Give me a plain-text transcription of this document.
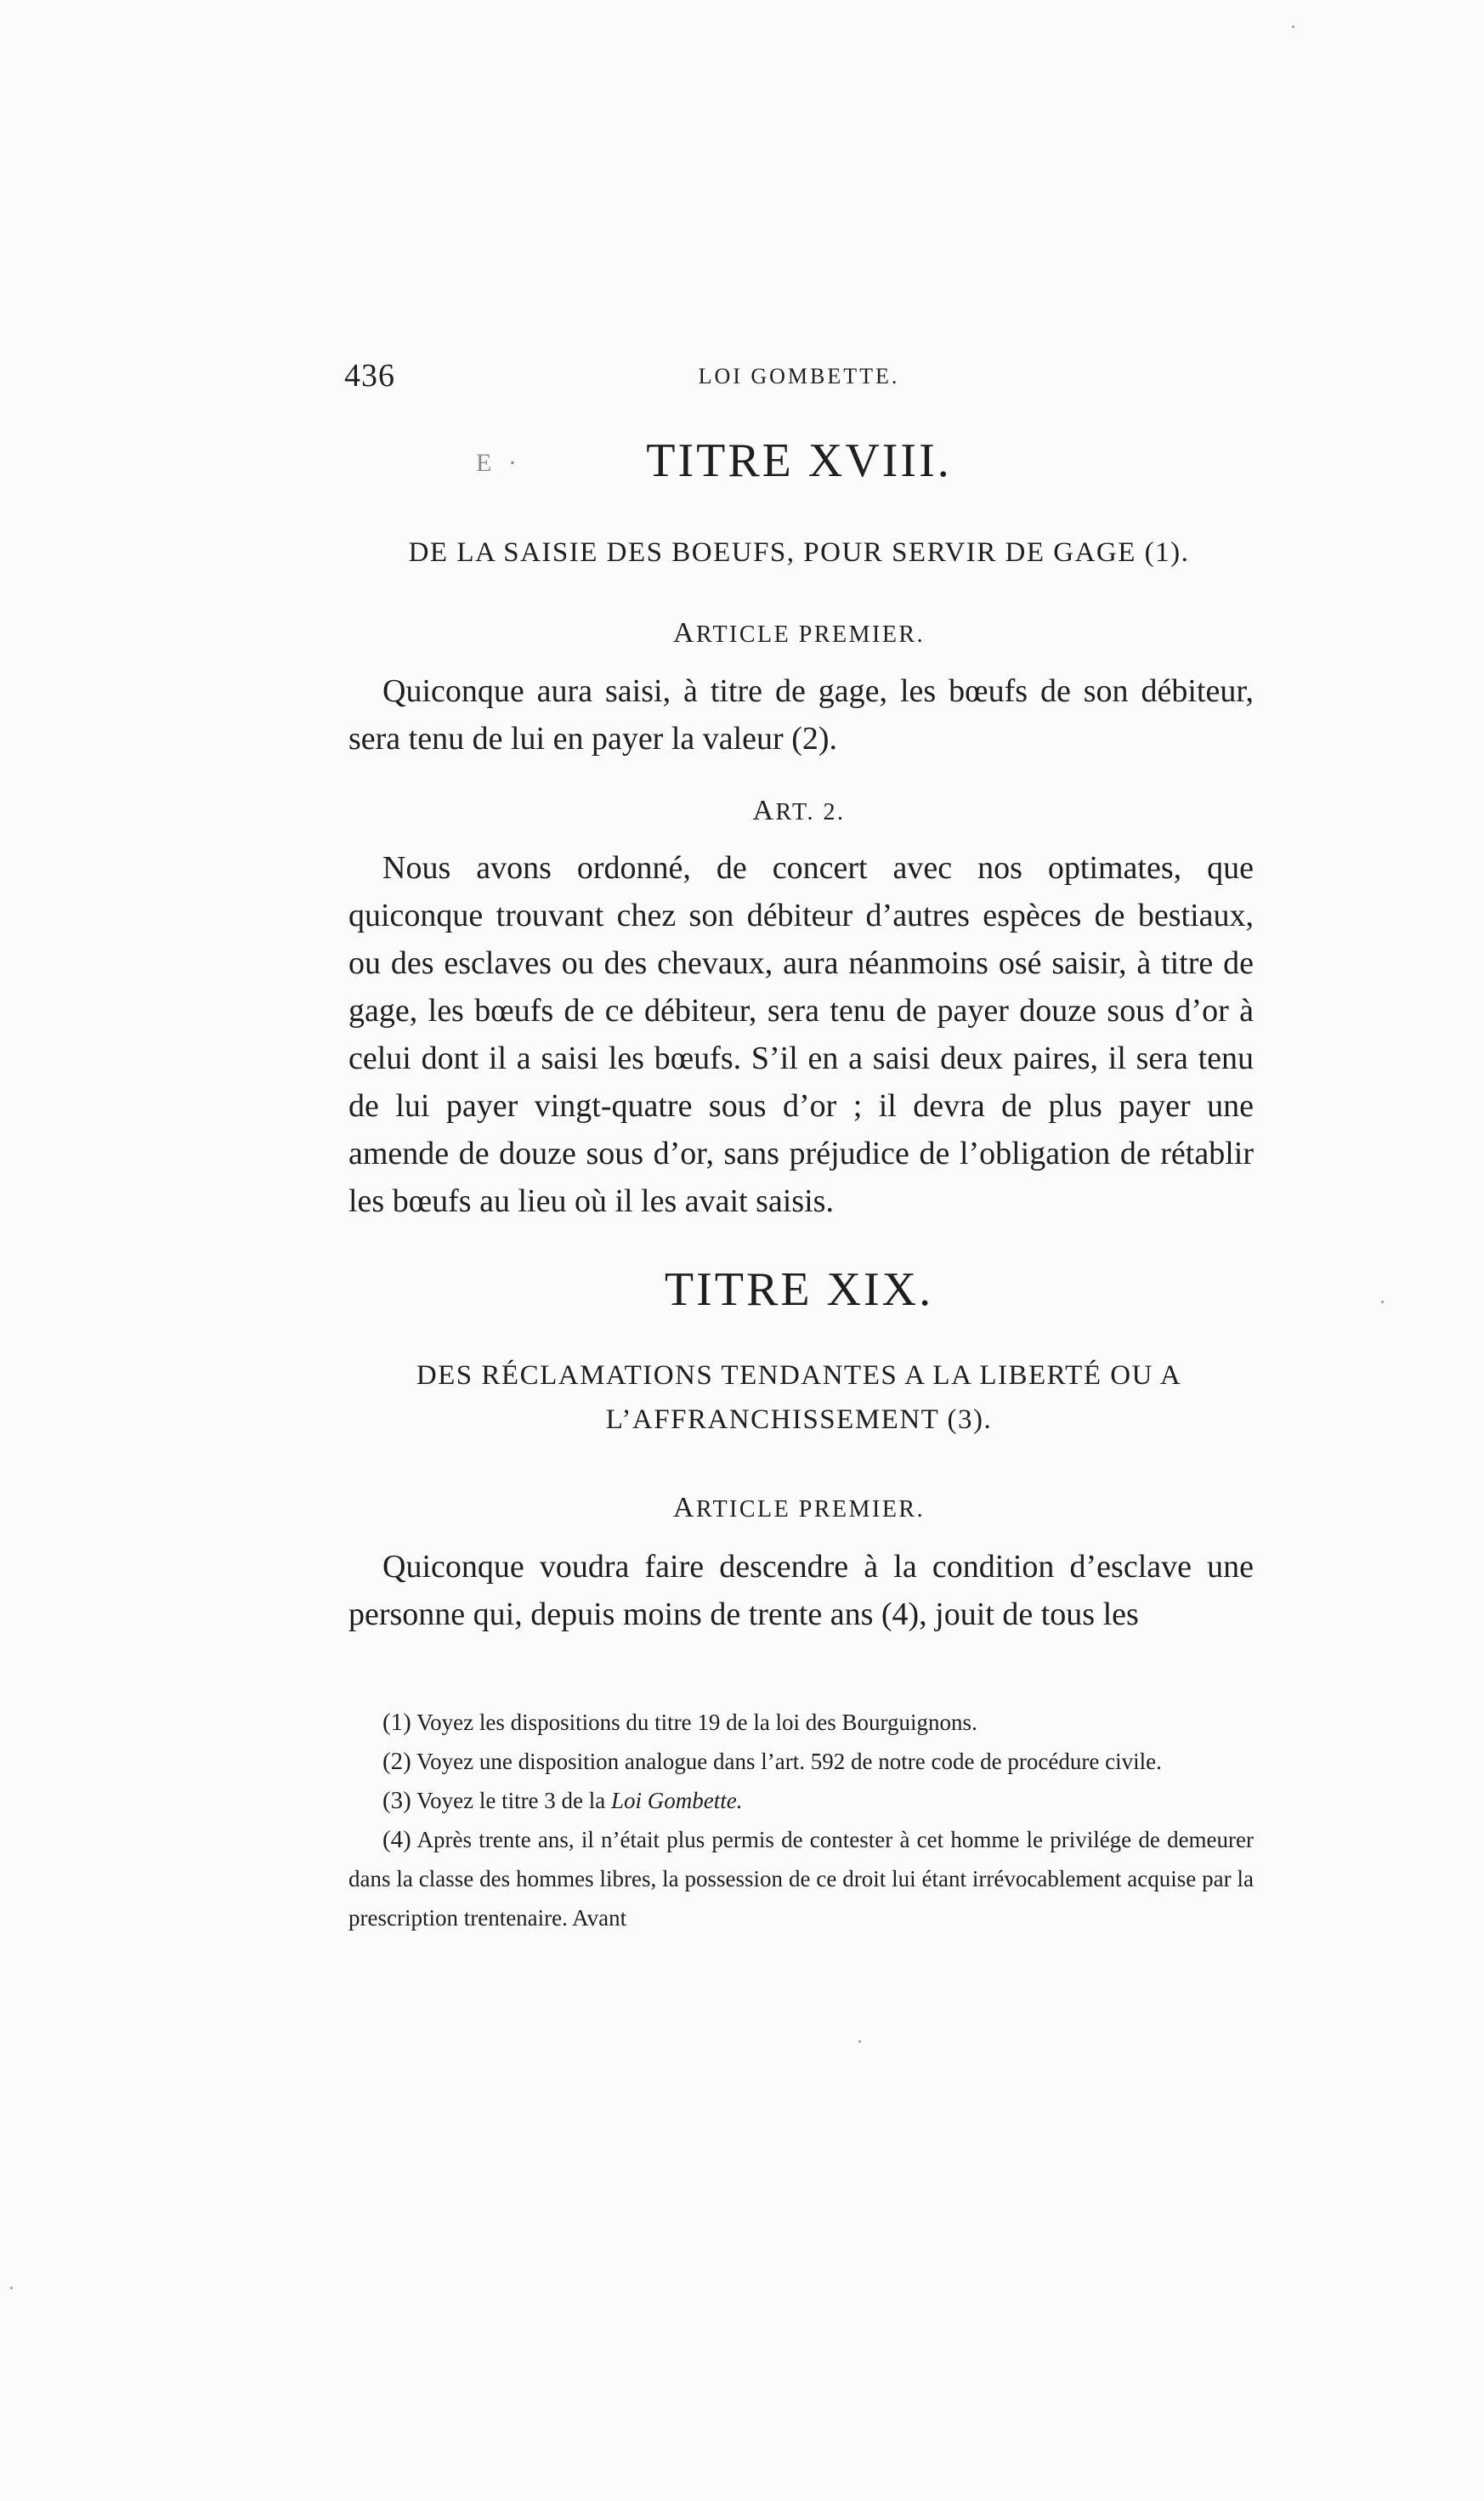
436	LOI GOMBETTE.
E ·	TITRE XVIII.
DE LA SAISIE DES BOEUFS, POUR SERVIR DE GAGE (1).
ARTICLE PREMIER.

Quiconque aura saisi, à titre de gage, les bœufs de son débiteur, sera tenu de lui en payer la valeur (2).

ART. 2.

Nous avons ordonné, de concert avec nos optimates, que quiconque trouvant chez son débiteur d’autres espèces de bestiaux, ou des esclaves ou des chevaux, aura néanmoins osé saisir, à titre de gage, les bœufs de ce débiteur, sera tenu de payer douze sous d’or à celui dont il a saisi les bœufs. S’il en a saisi deux paires, il sera tenu de lui payer vingt-quatre sous d’or ; il devra de plus payer une amende de douze sous d’or, sans préjudice de l’obligation de rétablir les bœufs au lieu où il les avait saisis.

TITRE XIX.
DES RÉCLAMATIONS TENDANTES A LA LIBERTÉ OU A L’AFFRANCHISSEMENT (3).
ARTICLE PREMIER.

Quiconque voudra faire descendre à la condition d’esclave une personne qui, depuis moins de trente ans (4), jouit de tous les

(1) Voyez les dispositions du titre 19 de la loi des Bourguignons.

(2) Voyez une disposition analogue dans l’art. 592 de notre code de procédure civile.

(3) Voyez le titre 3 de la Loi Gombette.

(4) Après trente ans, il n’était plus permis de contester à cet homme le privilége de demeurer dans la classe des hommes libres, la possession de ce droit lui étant irrévocablement acquise par la prescription trentenaire. Avant
